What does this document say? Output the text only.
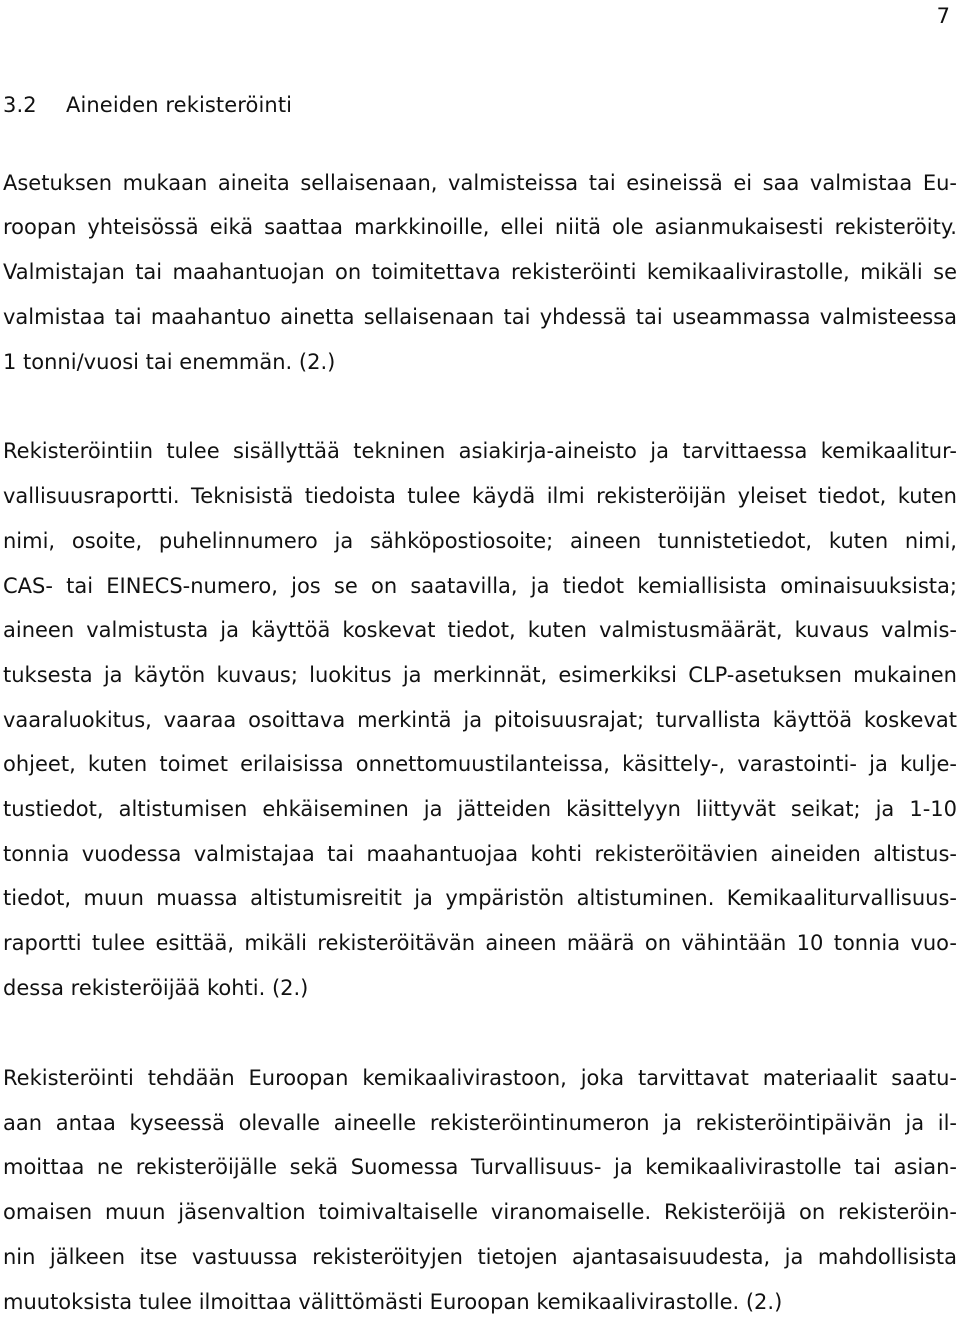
7
3.2 Aineiden rekisteröinti
Asetuksen mukaan aineita sellaisenaan, valmisteissa tai esineissä ei saa valmistaa Eu-
roopan yhteisössä eikä saattaa markkinoille, ellei niitä ole asianmukaisesti rekisteröity.
Valmistajan tai maahantuojan on toimitettava rekisteröinti kemikaalivirastolle, mikäli se
valmistaa tai maahantuo ainetta sellaisenaan tai yhdessä tai useammassa valmisteessa
1 tonni/vuosi tai enemmän. (2.)
Rekisteröintiin tulee sisällyttää tekninen asiakirja-aineisto ja tarvittaessa kemikaalitur-
vallisuusraportti. Teknisistä tiedoista tulee käydä ilmi rekisteröijän yleiset tiedot, kuten
nimi, osoite, puhelinnumero ja sähköpostiosoite; aineen tunnistetiedot, kuten nimi,
CAS- tai EINECS-numero, jos se on saatavilla, ja tiedot kemiallisista ominaisuuksista;
aineen valmistusta ja käyttöä koskevat tiedot, kuten valmistusmäärät, kuvaus valmis-
tuksesta ja käytön kuvaus; luokitus ja merkinnät, esimerkiksi CLP-asetuksen mukainen
vaaraluokitus, vaaraa osoittava merkintä ja pitoisuusrajat; turvallista käyttöä koskevat
ohjeet, kuten toimet erilaisissa onnettomuustilanteissa, käsittely-, varastointi- ja kulje-
tustiedot, altistumisen ehkäiseminen ja jätteiden käsittelyyn liittyvät seikat; ja 1-10
tonnia vuodessa valmistajaa tai maahantuojaa kohti rekisteröitävien aineiden altistus-
tiedot, muun muassa altistumisreitit ja ympäristön altistuminen. Kemikaaliturvallisuus-
raportti tulee esittää, mikäli rekisteröitävän aineen määrä on vähintään 10 tonnia vuo-
dessa rekisteröijää kohti. (2.)
Rekisteröinti tehdään Euroopan kemikaalivirastoon, joka tarvittavat materiaalit saatu-
aan antaa kyseessä olevalle aineelle rekisteröintinumeron ja rekisteröintipäivän ja il-
moittaa ne rekisteröijälle sekä Suomessa Turvallisuus- ja kemikaalivirastolle tai asian-
omaisen muun jäsenvaltion toimivaltaiselle viranomaiselle. Rekisteröijä on rekisteröin-
nin jälkeen itse vastuussa rekisteröityjen tietojen ajantasaisuudesta, ja mahdollisista
muutoksista tulee ilmoittaa välittömästi Euroopan kemikaalivirastolle. (2.)
